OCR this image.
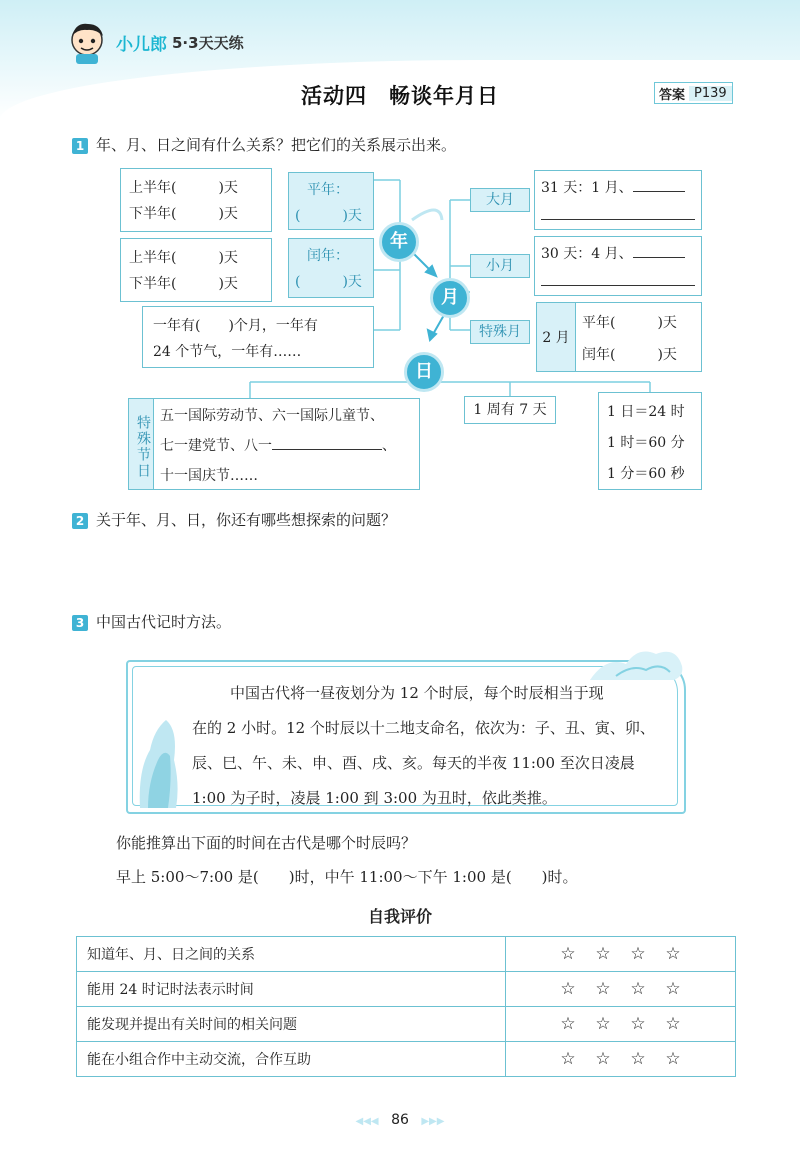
小儿郎 5·3天天练
活动四　畅谈年月日	答案 P139
1 年、月、日之间有什么关系？把它们的关系展示出来。
上半年(　　　)天
下半年(　　　)天
平年：
(　　　)天
上半年(　　　)天
下半年(　　　)天
闰年：
(　　　)天
一年有(　　)个月，一年有
24 个节气，一年有……
年
月
日
大月
31 天：1 月、
小月
30 天：4 月、
特殊月	2 月
平年(　　　)天
闰年(　　　)天
特殊节日 五一国际劳动节、六一国际儿童节、
七一建党节、八一	、
十一国庆节……
1 周有 7 天	1 日＝24 时
1 时＝60 分
1 分＝60 秒
2 关于年、月、日，你还有哪些想探索的问题？
3 中国古代记时方法。
中国古代将一昼夜划分为 12 个时辰，每个时辰相当于现
在的 2 小时。12 个时辰以十二地支命名，依次为：子、丑、寅、卯、
辰、巳、午、未、申、酉、戌、亥。每天的半夜 11:00 至次日凌晨
1:00 为子时，凌晨 1:00 到 3:00 为丑时，依此类推。
你能推算出下面的时间在古代是哪个时辰吗？
早上 5:00～7:00 是(　　)时，中午 11:00～下午 1:00 是(　　)时。
自我评价
知道年、月、日之间的关系	☆ ☆ ☆ ☆
能用 24 时记时法表示时间	☆ ☆ ☆ ☆
能发现并提出有关时间的相关问题	☆ ☆ ☆ ☆
能在小组合作中主动交流，合作互助	☆ ☆ ☆ ☆
◀◀◀ 86 ▶▶▶
